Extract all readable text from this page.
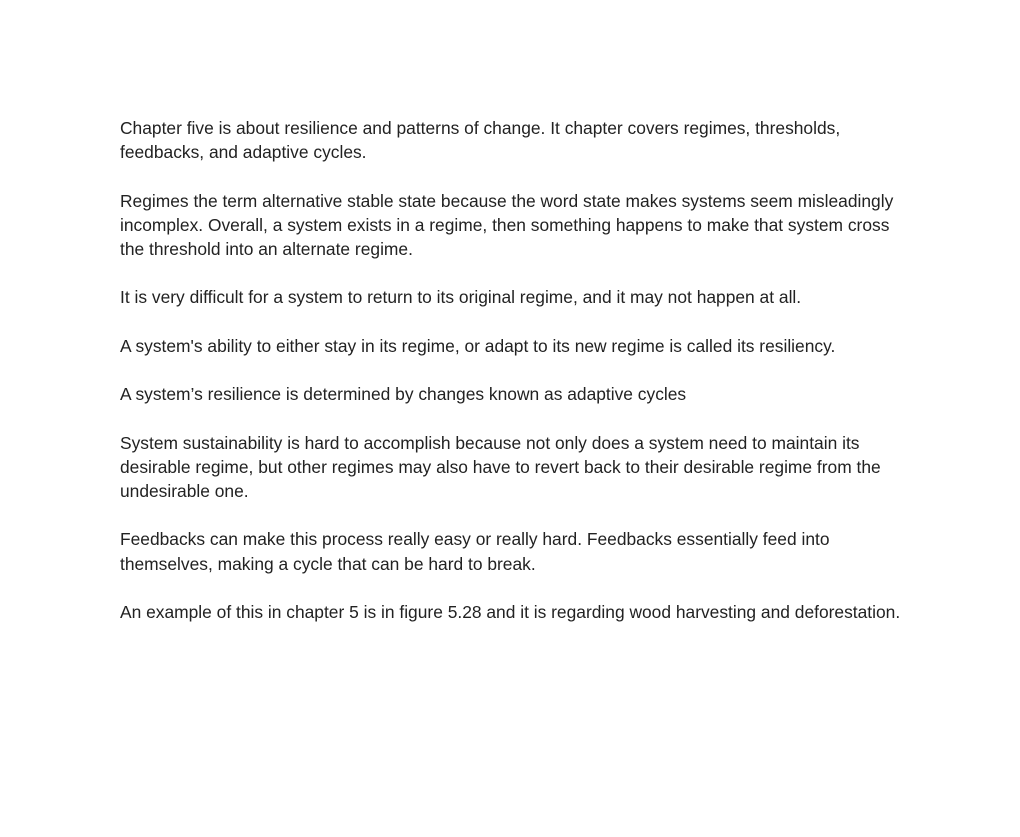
Chapter five is about resilience and patterns of change. It chapter covers regimes, thresholds, feedbacks, and adaptive cycles.

Regimes the term alternative stable state because the word state makes systems seem misleadingly incomplex. Overall, a system exists in a regime, then something happens to make that system cross the threshold into an alternate regime.

It is very difficult for a system to return to its original regime, and it may not happen at all.

A system's ability to either stay in its regime, or adapt to its new regime is called its resiliency.

A system’s resilience is determined by changes known as adaptive cycles

System sustainability is hard to accomplish because not only does a system need to maintain its desirable regime, but other regimes may also have to revert back to their desirable regime from the undesirable one.

Feedbacks can make this process really easy or really hard. Feedbacks essentially feed into themselves, making a cycle that can be hard to break.

An example of this in chapter 5 is in figure 5.28 and it is regarding wood harvesting and deforestation.
